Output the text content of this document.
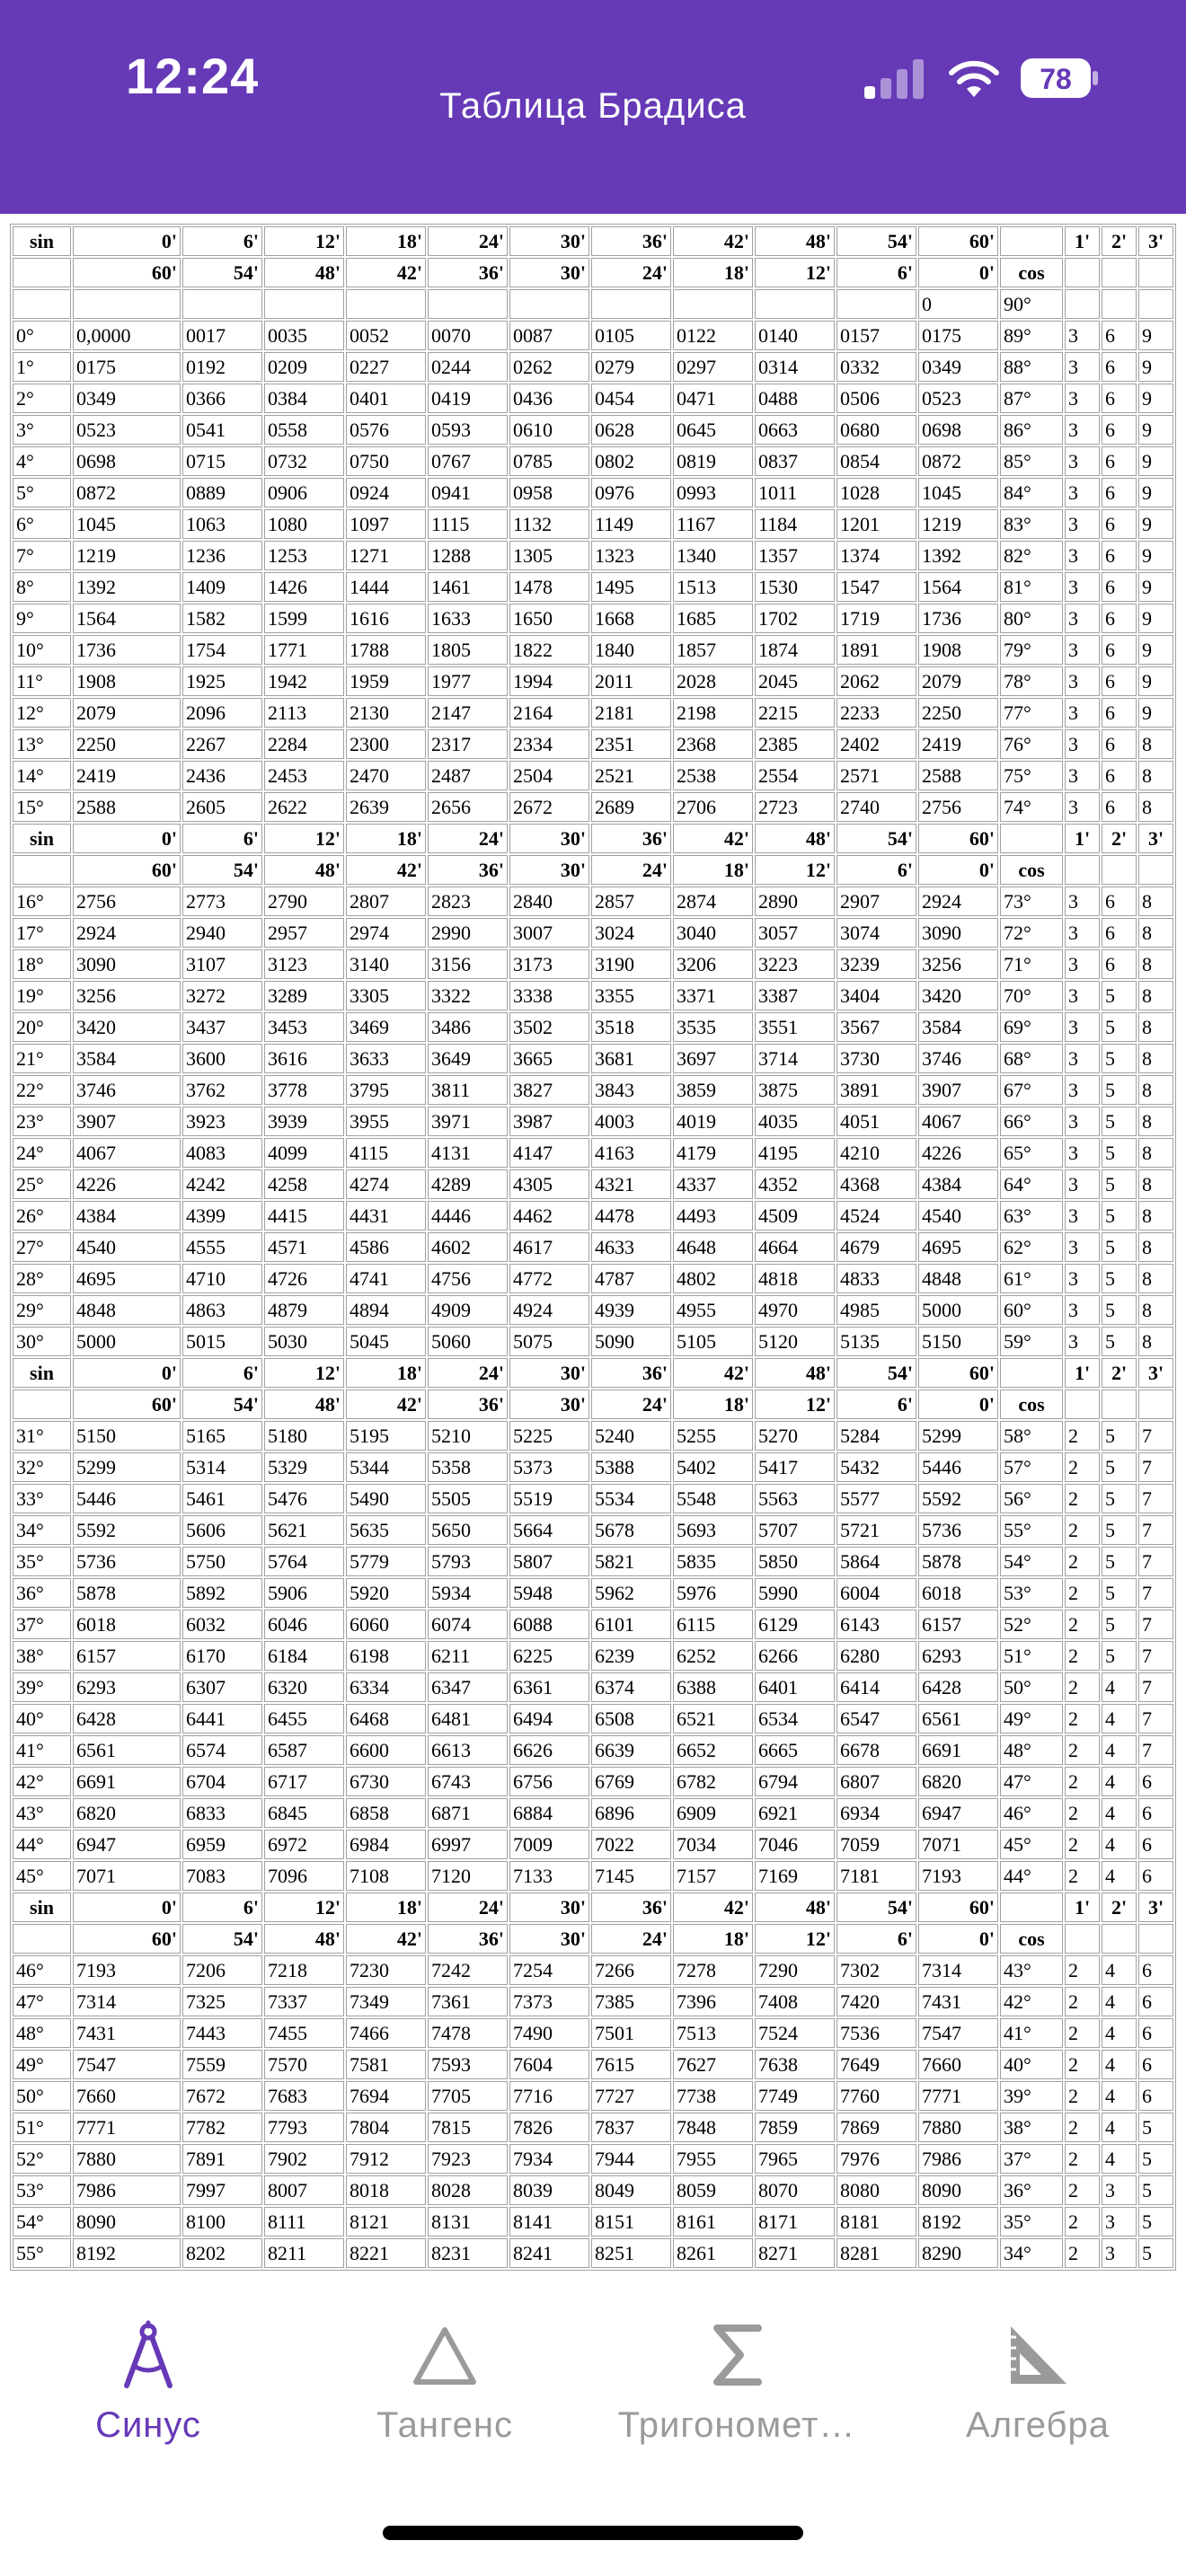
12:24	78
Таблица Брадиса
sin	0'	6'	12'	18'	24'	30'	36'	42'	48'	54'	60'		1'	2'	3'
	60'	54'	48'	42'	36'	30'	24'	18'	12'	6'	0'	cos			
											0	90°			
0°	0,0000	0017	0035	0052	0070	0087	0105	0122	0140	0157	0175	89°	3	6	9
1°	0175	0192	0209	0227	0244	0262	0279	0297	0314	0332	0349	88°	3	6	9
2°	0349	0366	0384	0401	0419	0436	0454	0471	0488	0506	0523	87°	3	6	9
3°	0523	0541	0558	0576	0593	0610	0628	0645	0663	0680	0698	86°	3	6	9
4°	0698	0715	0732	0750	0767	0785	0802	0819	0837	0854	0872	85°	3	6	9
5°	0872	0889	0906	0924	0941	0958	0976	0993	1011	1028	1045	84°	3	6	9
6°	1045	1063	1080	1097	1115	1132	1149	1167	1184	1201	1219	83°	3	6	9
7°	1219	1236	1253	1271	1288	1305	1323	1340	1357	1374	1392	82°	3	6	9
8°	1392	1409	1426	1444	1461	1478	1495	1513	1530	1547	1564	81°	3	6	9
9°	1564	1582	1599	1616	1633	1650	1668	1685	1702	1719	1736	80°	3	6	9
10°	1736	1754	1771	1788	1805	1822	1840	1857	1874	1891	1908	79°	3	6	9
11°	1908	1925	1942	1959	1977	1994	2011	2028	2045	2062	2079	78°	3	6	9
12°	2079	2096	2113	2130	2147	2164	2181	2198	2215	2233	2250	77°	3	6	9
13°	2250	2267	2284	2300	2317	2334	2351	2368	2385	2402	2419	76°	3	6	8
14°	2419	2436	2453	2470	2487	2504	2521	2538	2554	2571	2588	75°	3	6	8
15°	2588	2605	2622	2639	2656	2672	2689	2706	2723	2740	2756	74°	3	6	8
sin	0'	6'	12'	18'	24'	30'	36'	42'	48'	54'	60'		1'	2'	3'
	60'	54'	48'	42'	36'	30'	24'	18'	12'	6'	0'	cos			
16°	2756	2773	2790	2807	2823	2840	2857	2874	2890	2907	2924	73°	3	6	8
17°	2924	2940	2957	2974	2990	3007	3024	3040	3057	3074	3090	72°	3	6	8
18°	3090	3107	3123	3140	3156	3173	3190	3206	3223	3239	3256	71°	3	6	8
19°	3256	3272	3289	3305	3322	3338	3355	3371	3387	3404	3420	70°	3	5	8
20°	3420	3437	3453	3469	3486	3502	3518	3535	3551	3567	3584	69°	3	5	8
21°	3584	3600	3616	3633	3649	3665	3681	3697	3714	3730	3746	68°	3	5	8
22°	3746	3762	3778	3795	3811	3827	3843	3859	3875	3891	3907	67°	3	5	8
23°	3907	3923	3939	3955	3971	3987	4003	4019	4035	4051	4067	66°	3	5	8
24°	4067	4083	4099	4115	4131	4147	4163	4179	4195	4210	4226	65°	3	5	8
25°	4226	4242	4258	4274	4289	4305	4321	4337	4352	4368	4384	64°	3	5	8
26°	4384	4399	4415	4431	4446	4462	4478	4493	4509	4524	4540	63°	3	5	8
27°	4540	4555	4571	4586	4602	4617	4633	4648	4664	4679	4695	62°	3	5	8
28°	4695	4710	4726	4741	4756	4772	4787	4802	4818	4833	4848	61°	3	5	8
29°	4848	4863	4879	4894	4909	4924	4939	4955	4970	4985	5000	60°	3	5	8
30°	5000	5015	5030	5045	5060	5075	5090	5105	5120	5135	5150	59°	3	5	8
sin	0'	6'	12'	18'	24'	30'	36'	42'	48'	54'	60'		1'	2'	3'
	60'	54'	48'	42'	36'	30'	24'	18'	12'	6'	0'	cos			
31°	5150	5165	5180	5195	5210	5225	5240	5255	5270	5284	5299	58°	2	5	7
32°	5299	5314	5329	5344	5358	5373	5388	5402	5417	5432	5446	57°	2	5	7
33°	5446	5461	5476	5490	5505	5519	5534	5548	5563	5577	5592	56°	2	5	7
34°	5592	5606	5621	5635	5650	5664	5678	5693	5707	5721	5736	55°	2	5	7
35°	5736	5750	5764	5779	5793	5807	5821	5835	5850	5864	5878	54°	2	5	7
36°	5878	5892	5906	5920	5934	5948	5962	5976	5990	6004	6018	53°	2	5	7
37°	6018	6032	6046	6060	6074	6088	6101	6115	6129	6143	6157	52°	2	5	7
38°	6157	6170	6184	6198	6211	6225	6239	6252	6266	6280	6293	51°	2	5	7
39°	6293	6307	6320	6334	6347	6361	6374	6388	6401	6414	6428	50°	2	4	7
40°	6428	6441	6455	6468	6481	6494	6508	6521	6534	6547	6561	49°	2	4	7
41°	6561	6574	6587	6600	6613	6626	6639	6652	6665	6678	6691	48°	2	4	7
42°	6691	6704	6717	6730	6743	6756	6769	6782	6794	6807	6820	47°	2	4	6
43°	6820	6833	6845	6858	6871	6884	6896	6909	6921	6934	6947	46°	2	4	6
44°	6947	6959	6972	6984	6997	7009	7022	7034	7046	7059	7071	45°	2	4	6
45°	7071	7083	7096	7108	7120	7133	7145	7157	7169	7181	7193	44°	2	4	6
sin	0'	6'	12'	18'	24'	30'	36'	42'	48'	54'	60'		1'	2'	3'
	60'	54'	48'	42'	36'	30'	24'	18'	12'	6'	0'	cos			
46°	7193	7206	7218	7230	7242	7254	7266	7278	7290	7302	7314	43°	2	4	6
47°	7314	7325	7337	7349	7361	7373	7385	7396	7408	7420	7431	42°	2	4	6
48°	7431	7443	7455	7466	7478	7490	7501	7513	7524	7536	7547	41°	2	4	6
49°	7547	7559	7570	7581	7593	7604	7615	7627	7638	7649	7660	40°	2	4	6
50°	7660	7672	7683	7694	7705	7716	7727	7738	7749	7760	7771	39°	2	4	6
51°	7771	7782	7793	7804	7815	7826	7837	7848	7859	7869	7880	38°	2	4	5
52°	7880	7891	7902	7912	7923	7934	7944	7955	7965	7976	7986	37°	2	4	5
53°	7986	7997	8007	8018	8028	8039	8049	8059	8070	8080	8090	36°	2	3	5
54°	8090	8100	8111	8121	8131	8141	8151	8161	8171	8181	8192	35°	2	3	5
55°	8192	8202	8211	8221	8231	8241	8251	8261	8271	8281	8290	34°	2	3	5
Синус	Тангенс	Тригономет…	Алгебра
